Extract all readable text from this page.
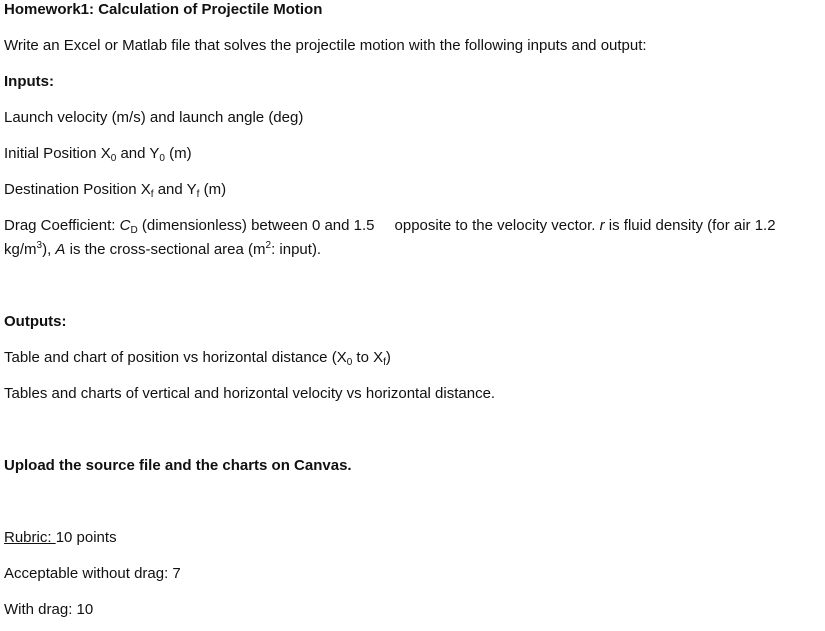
Homework1: Calculation of Projectile Motion
Write an Excel or Matlab file that solves the projectile motion with the following inputs and output:
Inputs:
Launch velocity (m/s) and launch angle (deg)
Initial Position $X_0$ and $Y_0$ (m)
Destination Position $X_f$ and $Y_f$ (m)
Drag Coefficient: $C_D$ (dimensionless) between 0 and 1.5 opposite to the velocity vector. r is fluid density (for air 1.2
$kg/m^3$), A is the cross-sectional area ($m^2$: input).
Outputs:
Table and chart of position vs horizontal distance ($X_0$ to $X_f$)
Tables and charts of vertical and horizontal velocity vs horizontal distance.
Upload the source file and the charts on Canvas.
Rubric: 10 points
Acceptable without drag: 7
With drag: 10
